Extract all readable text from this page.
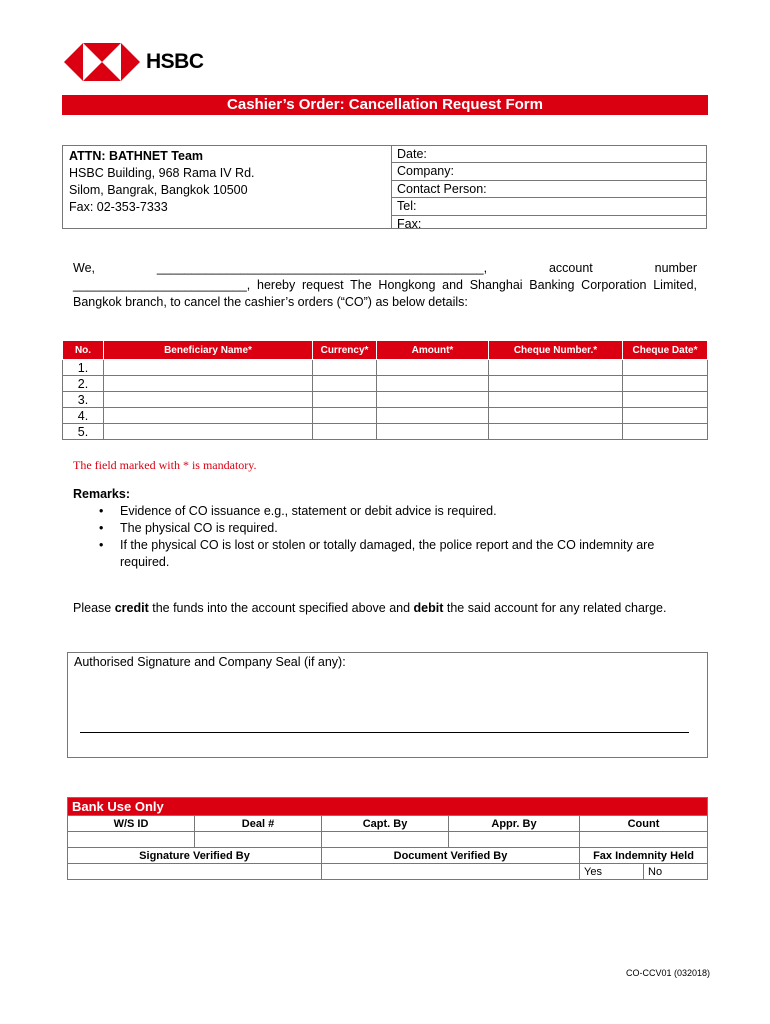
HSBC
Cashier’s Order: Cancellation Request Form
ATTN: BATHNET Team
HSBC Building, 968 Rama IV Rd.
Silom, Bangrak, Bangkok 10500
Fax: 02-353-7333
Date:
Company:
Contact Person:
Tel:
Fax:
We, _______________________________________________, account number _________________________, hereby request The Hongkong and Shanghai Banking Corporation Limited, Bangkok branch, to cancel the cashier’s orders (“CO”) as below details:
No.	Beneficiary Name*	Currency*	Amount*	Cheque Number.*	Cheque Date*
1.					
2.					
3.					
4.					
5.					
The field marked with * is mandatory.
Remarks:
• Evidence of CO issuance e.g., statement or debit advice is required.
• The physical CO is required.
• If the physical CO is lost or stolen or totally damaged, the police report and the CO indemnity are required.
Please credit the funds into the account specified above and debit the said account for any related charge.
Authorised Signature and Company Seal (if any):
Bank Use Only					
W/S ID	Deal #	Capt. By	Appr. By	Count	

Signature Verified By		Document Verified By		Fax Indemnity Held	
				Yes	No
CO-CCV01 (032018)
